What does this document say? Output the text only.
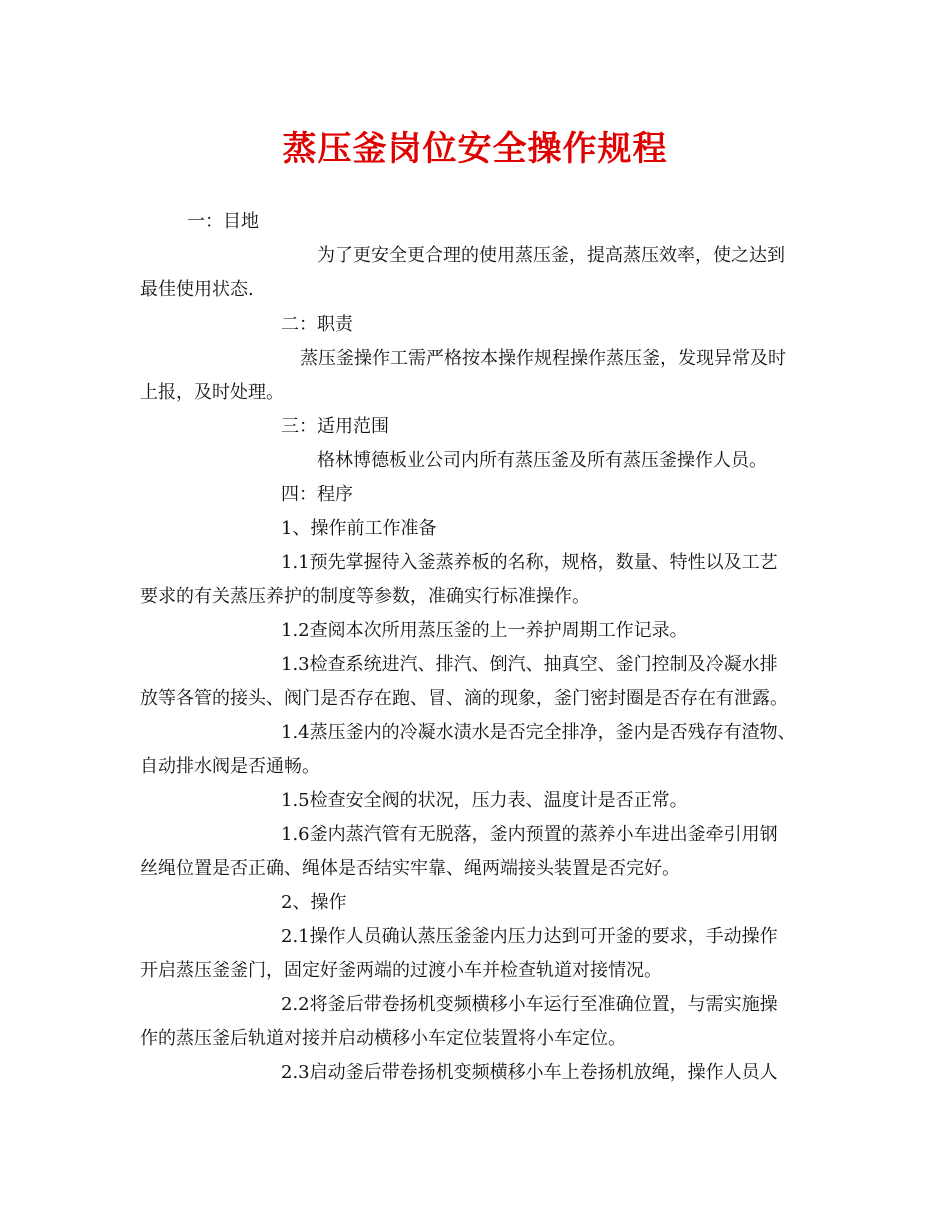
蒸压釜岗位安全操作规程
一：目地
为了更安全更合理的使用蒸压釜，提高蒸压效率，使之达到
最佳使用状态.
二：职责
蒸压釜操作工需严格按本操作规程操作蒸压釜，发现异常及时
上报，及时处理。
三：适用范围
格林博德板业公司内所有蒸压釜及所有蒸压釜操作人员。
四：程序
1、操作前工作准备
1.1预先掌握待入釜蒸养板的名称，规格，数量、特性以及工艺
要求的有关蒸压养护的制度等参数，准确实行标准操作。
1.2查阅本次所用蒸压釜的上一养护周期工作记录。
1.3检查系统进汽、排汽、倒汽、抽真空、釜门控制及冷凝水排
放等各管的接头、阀门是否存在跑、冒、滴的现象，釜门密封圈是否存在有泄露。
1.4蒸压釜内的冷凝水渍水是否完全排净，釜内是否残存有渣物、
自动排水阀是否通畅。
1.5检查安全阀的状况，压力表、温度计是否正常。
1.6釜内蒸汽管有无脱落，釜内预置的蒸养小车进出釜牵引用钢
丝绳位置是否正确、绳体是否结实牢靠、绳两端接头装置是否完好。
2、操作
2.1操作人员确认蒸压釜釜内压力达到可开釜的要求，手动操作
开启蒸压釜釜门，固定好釜两端的过渡小车并检查轨道对接情况。
2.2将釜后带卷扬机变频横移小车运行至准确位置，与需实施操
作的蒸压釜后轨道对接并启动横移小车定位装置将小车定位。
2.3启动釜后带卷扬机变频横移小车上卷扬机放绳，操作人员人
